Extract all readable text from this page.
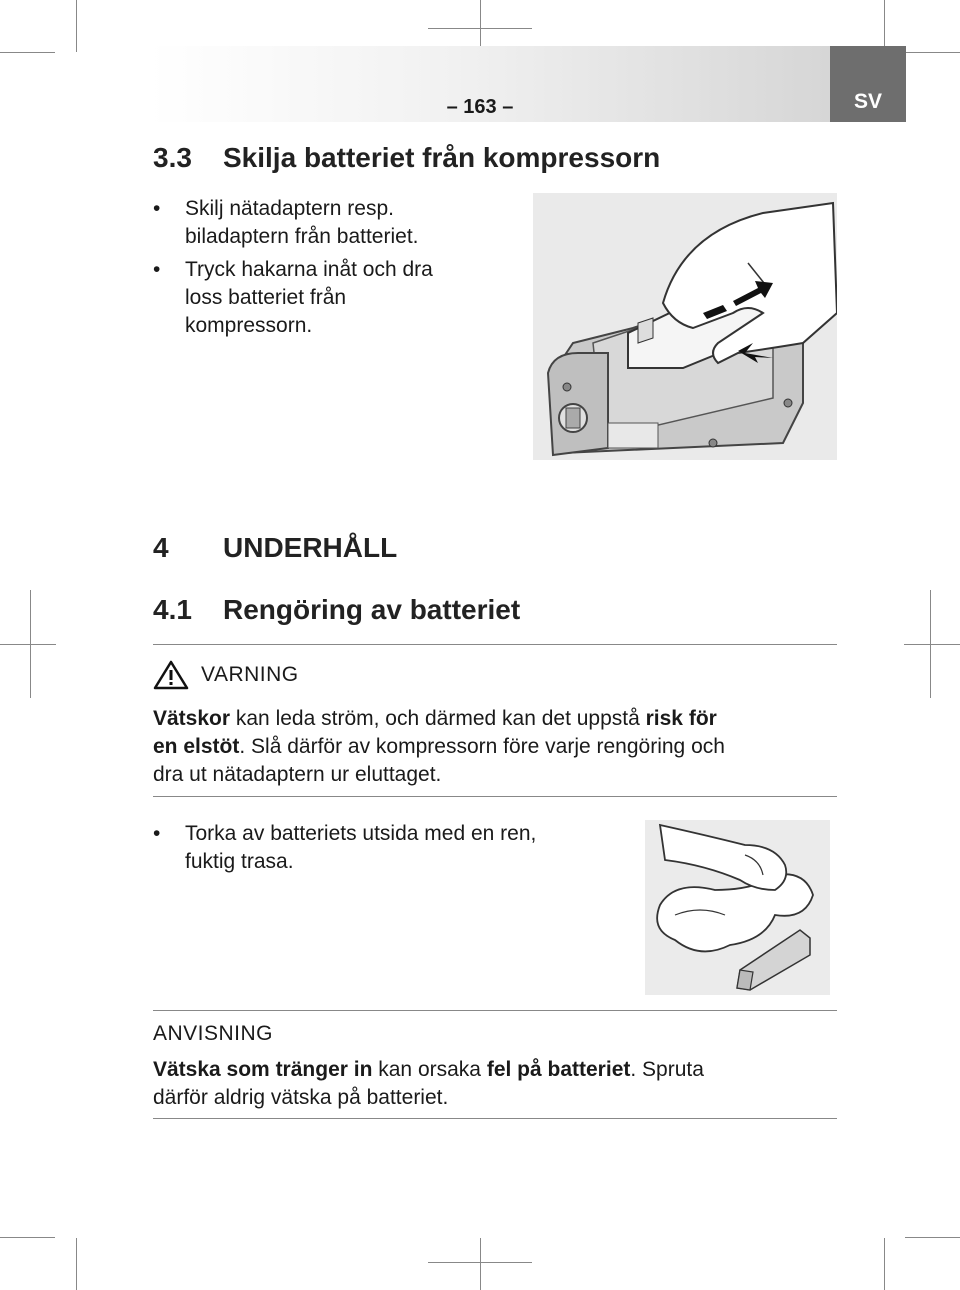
SV
– 163 –
3.3 Skilja batteriet från kompressorn
• Skilj nätadaptern resp.
biladaptern från batteriet.
• Tryck hakarna inåt och dra
loss batteriet från
kompressorn.
4 UNDERHÅLL
4.1 Rengöring av batteriet
VARNING
Vätskor kan leda ström, och därmed kan det uppstå risk för
en elstöt. Slå därför av kompressorn före varje rengöring och
dra ut nätadaptern ur eluttaget.
• Torka av batteriets utsida med en ren,
fuktig trasa.
ANVISNING
Vätska som tränger in kan orsaka fel på batteriet. Spruta
därför aldrig vätska på batteriet.
